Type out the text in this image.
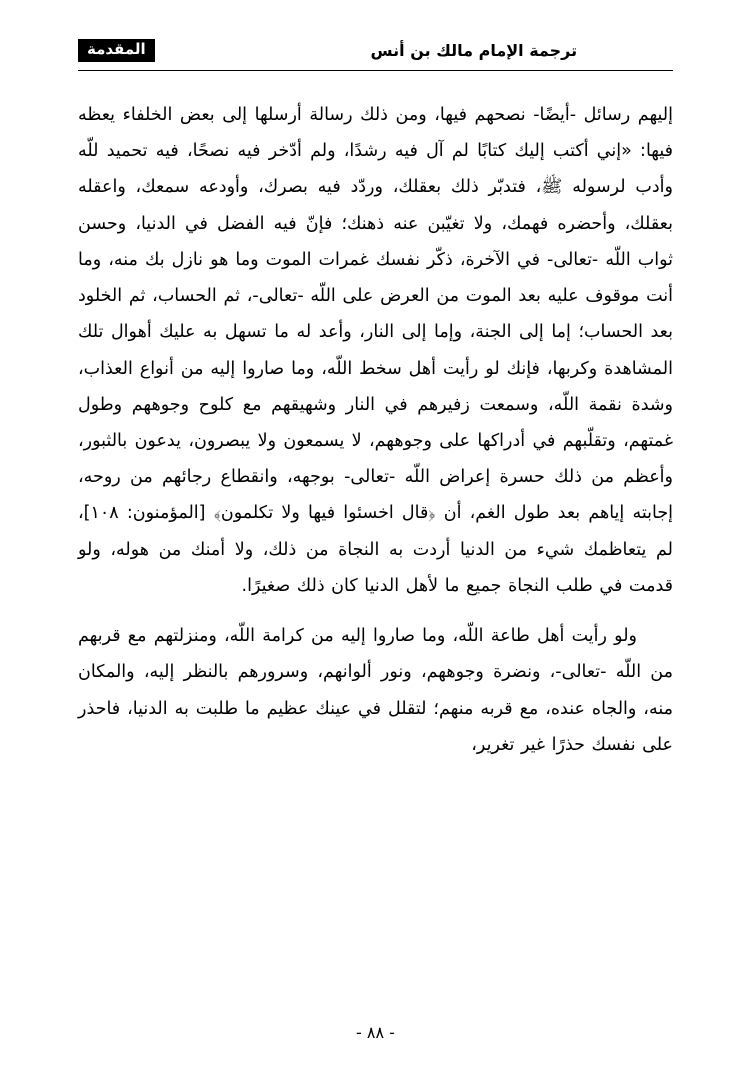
المقدمة	ترجمة الإمام مالك بن أنس

إليهم رسائل -أيضًا- نصحهم فيها، ومن ذلك رسالة أرسلها إلى بعض الخلفاء يعظه فيها: «إني أكتب إليك كتابًا لم آل فيه رشدًا، ولم أدّخر فيه نصحًا، فيه تحميد للّه وأدب لرسوله ﷺ، فتدبّر ذلك بعقلك، وردّد فيه بصرك، وأودعه سمعك، واعقله بعقلك، وأحضره فهمك، ولا تغيّبن عنه ذهنك؛ فإنّ فيه الفضل في الدنيا، وحسن ثواب اللّه -تعالى- في الآخرة، ذكّر نفسك غمرات الموت وما هو نازل بك منه، وما أنت موقوف عليه بعد الموت من العرض على اللّه -تعالى-، ثم الحساب، ثم الخلود بعد الحساب؛ إما إلى الجنة، وإما إلى النار، وأعد له ما تسهل به عليك أهوال تلك المشاهدة وكربها، فإنك لو رأيت أهل سخط اللّه، وما صاروا إليه من أنواع العذاب، وشدة نقمة اللّه، وسمعت زفيرهم في النار وشهيقهم مع كلوح وجوههم وطول غمتهم، وتقلّبهم في أدراكها على وجوههم، لا يسمعون ولا يبصرون، يدعون بالثبور، وأعظم من ذلك حسرة إعراض اللّه -تعالى- بوجهه، وانقطاع رجائهم من روحه، إجابته إياهم بعد طول الغم، أن ﴿قال اخسئوا فيها ولا تكلمون﴾ [المؤمنون: ١٠٨]، لم يتعاظمك شيء من الدنيا أردت به النجاة من ذلك، ولا أمنك من هوله، ولو قدمت في طلب النجاة جميع ما لأهل الدنيا كان ذلك صغيرًا.

ولو رأيت أهل طاعة اللّه، وما صاروا إليه من كرامة اللّه، ومنزلتهم مع قربهم من اللّه -تعالى-، ونضرة وجوههم، ونور ألوانهم، وسرورهم بالنظر إليه، والمكان منه، والجاه عنده، مع قربه منهم؛ لتقلل في عينك عظيم ما طلبت به الدنيا، فاحذر على نفسك حذرًا غير تغرير،

- ٨٨ -
